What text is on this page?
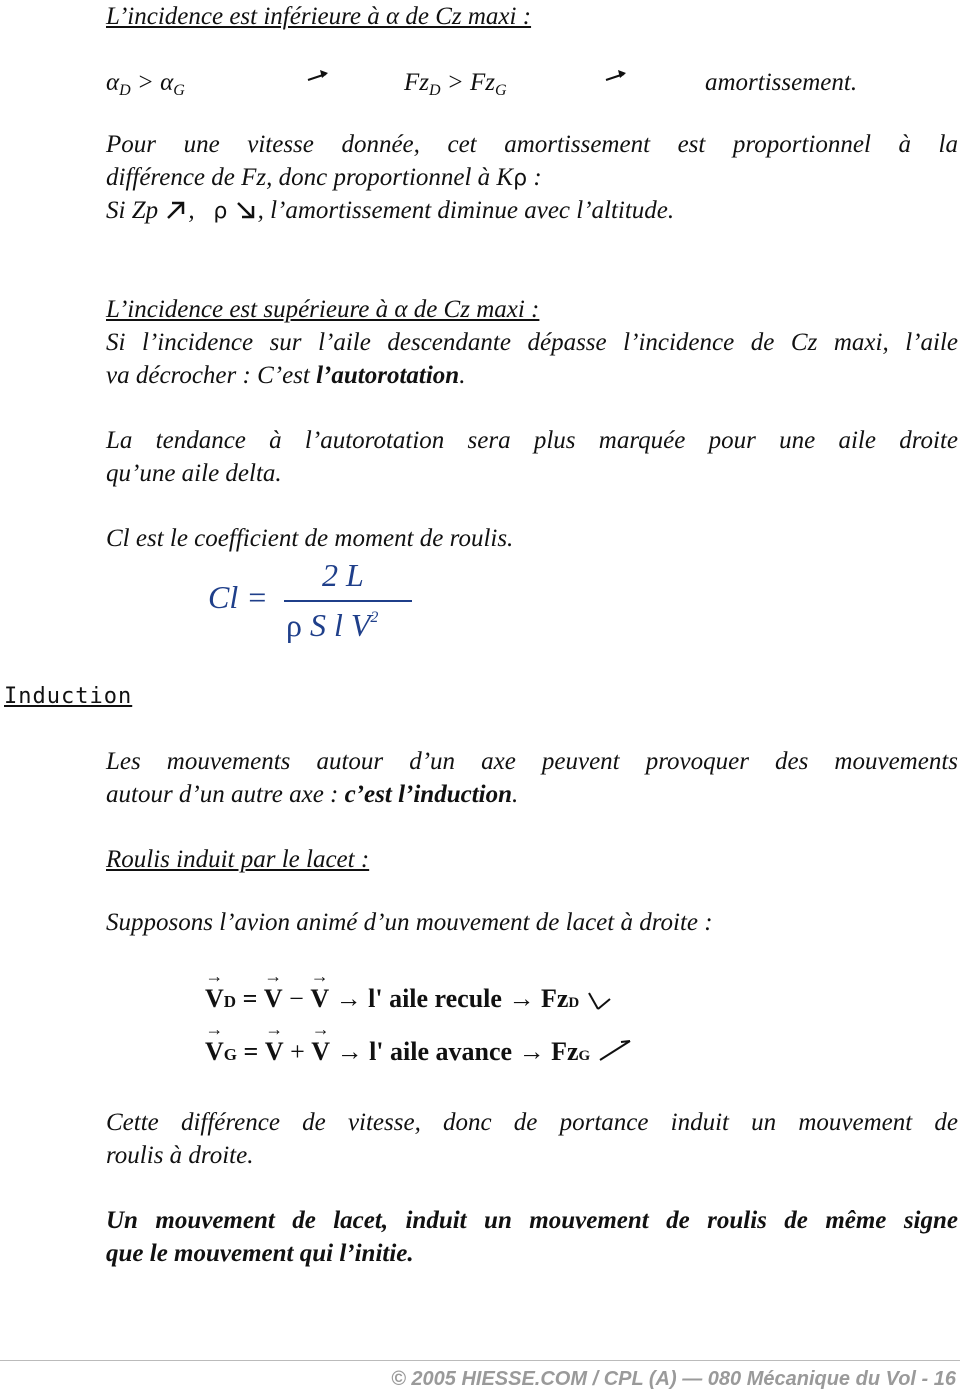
L’incidence est inférieure à α de Cz maxi :
$\alpha_D > \alpha_G$	$Fz_D > Fz_G$	amortissement.
Pour une vitesse donnée, cet amortissement est proportionnel à la
différence de Fz, donc proportionnel à Kρ :
Si Zp , ρ , l’amortissement diminue avec l’altitude.
L’incidence est supérieure à α de Cz maxi :
Si l’incidence sur l’aile descendante dépasse l’incidence de Cz maxi, l’aile
va décrocher : C’est l’autorotation.
La tendance à l’autorotation sera plus marquée pour une aile droite
qu’une aile delta.
Cl est le coefficient de moment de roulis.
Cl =
2 L
ρ S l $V^2$
Induction
Les mouvements autour d’un axe peuvent provoquer des mouvements
autour d’un autre axe : c’est l’induction.
Roulis induit par le lacet :
Supposons l’avion animé d’un mouvement de lacet à droite :
→ VD = → V − → V → l' aile recule → FzD
→ VG = → V + → V → l' aile avance → FzG
Cette différence de vitesse, donc de portance induit un mouvement de
roulis à droite.
Un mouvement de lacet, induit un mouvement de roulis de même signe
que le mouvement qui l’initie.
© 2005 HIESSE.COM / CPL (A) — 080 Mécanique du Vol - 16
